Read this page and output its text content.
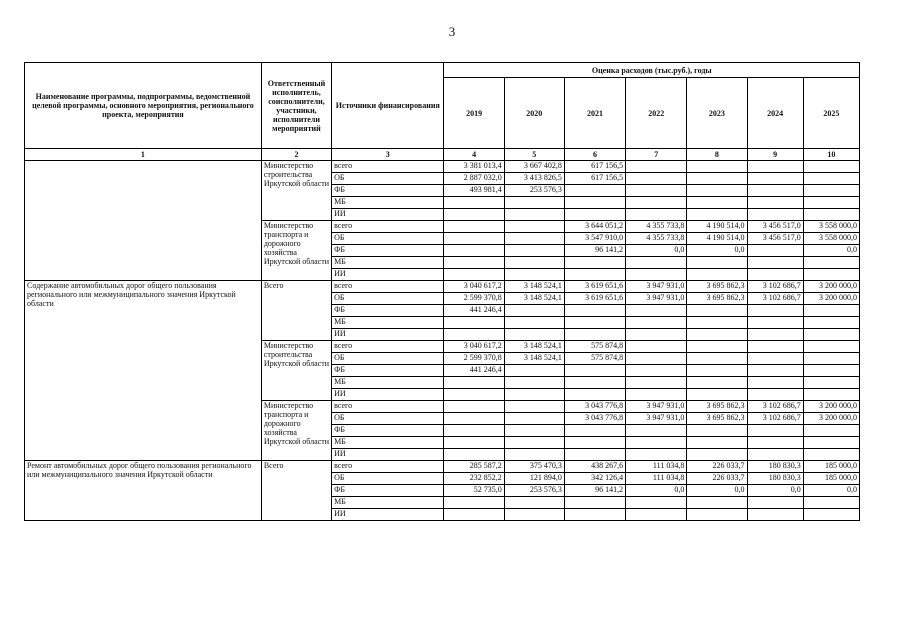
3
Наименование программы, подпрограммы, ведомственной целевой программы, основного мероприятия, регионального проекта, мероприятия	Ответственный исполнитель, соисполнители, участники, исполнители мероприятий	Источники финансирования	Оценка расходов (тыс.руб.), годы						
			2019	2020	2021	2022	2023	2024	2025
1	2	3	4	5	6	7	8	9	10
	Министерство строительства Иркутской области	всего	3 381 013,4	3 667 402,8	617 156,5				
		ОБ	2 887 032,0	3 413 826,5	617 156,5				
		ФБ	493 981,4	253 576,3					
		МБ							
		ИИ							
	Министерство транспорта и дорожного хозяйства Иркутской области	всего			3 644 051,2	4 355 733,8	4 190 514,0	3 456 517,0	3 558 000,0
		ОБ			3 547 910,0	4 355 733,8	4 190 514,0	3 456 517,0	3 558 000,0
		ФБ			96 141,2	0,0	0,0		0,0
		МБ							
		ИИ							
Содержание автомобильных дорог общего пользования регионального или межмуниципального значения Иркутской области	Всего	всего	3 040 617,2	3 148 524,1	3 619 651,6	3 947 931,0	3 695 862,3	3 102 686,7	3 200 000,0
		ОБ	2 599 370,8	3 148 524,1	3 619 651,6	3 947 931,0	3 695 862,3	3 102 686,7	3 200 000,0
		ФБ	441 246,4						
		МБ							
		ИИ							
	Министерство строительства Иркутской области	всего	3 040 617,2	3 148 524,1	575 874,8				
		ОБ	2 599 370,8	3 148 524,1	575 874,8				
		ФБ	441 246,4						
		МБ							
		ИИ							
	Министерство транспорта и дорожного хозяйства Иркутской области	всего			3 043 776,8	3 947 931,0	3 695 862,3	3 102 686,7	3 200 000,0
		ОБ			3 043 776,8	3 947 931,0	3 695 862,3	3 102 686,7	3 200 000,0
		ФБ							
		МБ							
		ИИ							
Ремонт автомобильных дорог общего пользования регионального или межмуниципального значения Иркутской области	Всего	всего	285 587,2	375 470,3	438 267,6	111 034,8	226 033,7	180 830,3	185 000,0
		ОБ	232 852,2	121 894,0	342 126,4	111 034,8	226 033,7	180 830,3	185 000,0
		ФБ	52 735,0	253 576,3	96 141,2	0,0	0,0	0,0	0,0
		МБ							
		ИИ							
